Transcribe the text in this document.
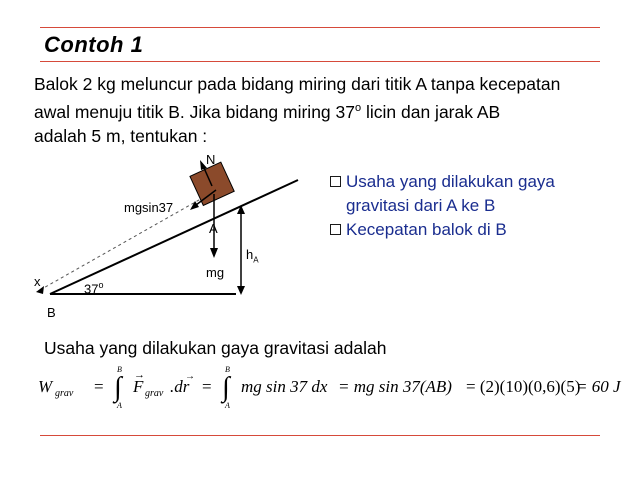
Contoh 1
Balok 2 kg meluncur pada bidang miring dari titik A tanpa kecepatan
awal menuju titik B. Jika bidang miring 37$^o$ licin dan jarak AB
adalah 5 m, tentukan :
N
mgsin37
A
$h_A$
mg
x	37$^o$
B
Usaha yang dilakukan gaya
gravitasi dari A ke B
Kecepatan balok di B
Usaha yang dilakukan gaya gravitasi adalah
W grav = ∫
B
A
F
→
grav .dr
→
= ∫
B
A
mg sin 37 dx = mg sin 37(AB) = (2)(10)(0,6)(5)
= 60 J
